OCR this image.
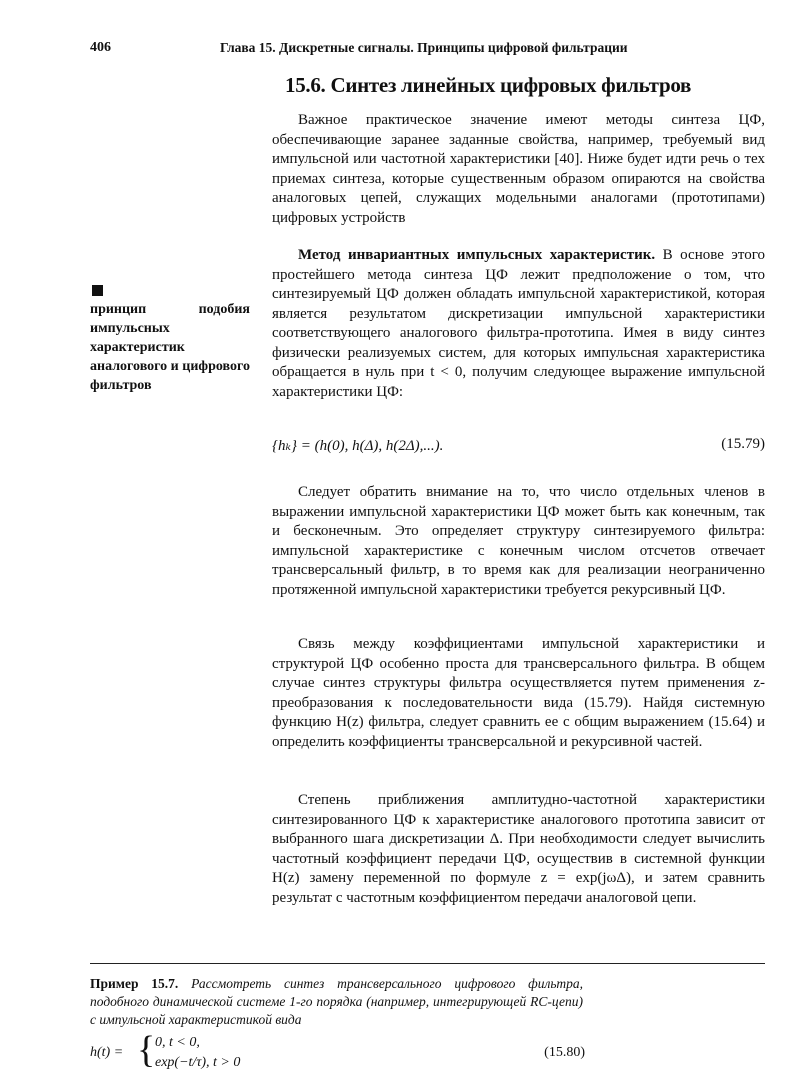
406	Глава 15. Дискретные сигналы. Принципы цифровой фильтрации
15.6. Синтез линейных цифровых фильтров

Важное практическое значение имеют методы синтеза ЦФ, обеспечивающие заранее заданные свойства, например, требуемый вид импульсной или частотной характеристики [40]. Ниже будет идти речь о тех приемах синтеза, которые существенным образом опираются на свойства аналоговых цепей, служащих модельными аналогами (прототипами) цифровых устройств

Метод инвариантных импульсных характеристик. В основе этого простейшего метода синтеза ЦФ лежит предположение о том, что синтезируемый ЦФ должен обладать импульсной характеристикой, которая является результатом дискретизации импульсной характеристики соответствующего аналогового фильтра-прототипа. Имея в виду синтез физически реализуемых систем, для которых импульсная характеристика обращается в нуль при t < 0, получим следующее выражение импульсной характеристики ЦФ:

принцип подобия импульсных характеристик аналогового и цифрового фильтров
{hₖ} = (h(0), h(Δ), h(2Δ),...).	(15.79)

Следует обратить внимание на то, что число отдельных членов в выражении импульсной характеристики ЦФ может быть как конечным, так и бесконечным. Это определяет структуру синтезируемого фильтра: импульсной характеристике с конечным числом отсчетов отвечает трансверсальный фильтр, в то время как для реализации неограниченно протяженной импульсной характеристики требуется рекурсивный ЦФ.

Связь между коэффициентами импульсной характеристики и структурой ЦФ особенно проста для трансверсального фильтра. В общем случае синтез структуры фильтра осуществляется путем применения z-преобразования к последовательности вида (15.79). Найдя системную функцию H(z) фильтра, следует сравнить ее с общим выражением (15.64) и определить коэффициенты трансверсальной и рекурсивной частей.

Степень приближения амплитудно-частотной характеристики синтезированного ЦФ к характеристике аналогового прототипа зависит от выбранного шага дискретизации Δ. При необходимости следует вычислить частотный коэффициент передачи ЦФ, осуществив в системной функции H(z) замену переменной по формуле z = exp(jωΔ), и затем сравнить результат с частотным коэффициентом передачи аналоговой цепи.

Пример 15.7. Рассмотреть синтез трансверсального цифрового фильтра, подобного динамической системе 1-го порядка (например, интегрирующей RC-цепи) с импульсной характеристикой вида
h(t) = { 0, t < 0,
exp(−t/τ), t > 0
(15.80)
